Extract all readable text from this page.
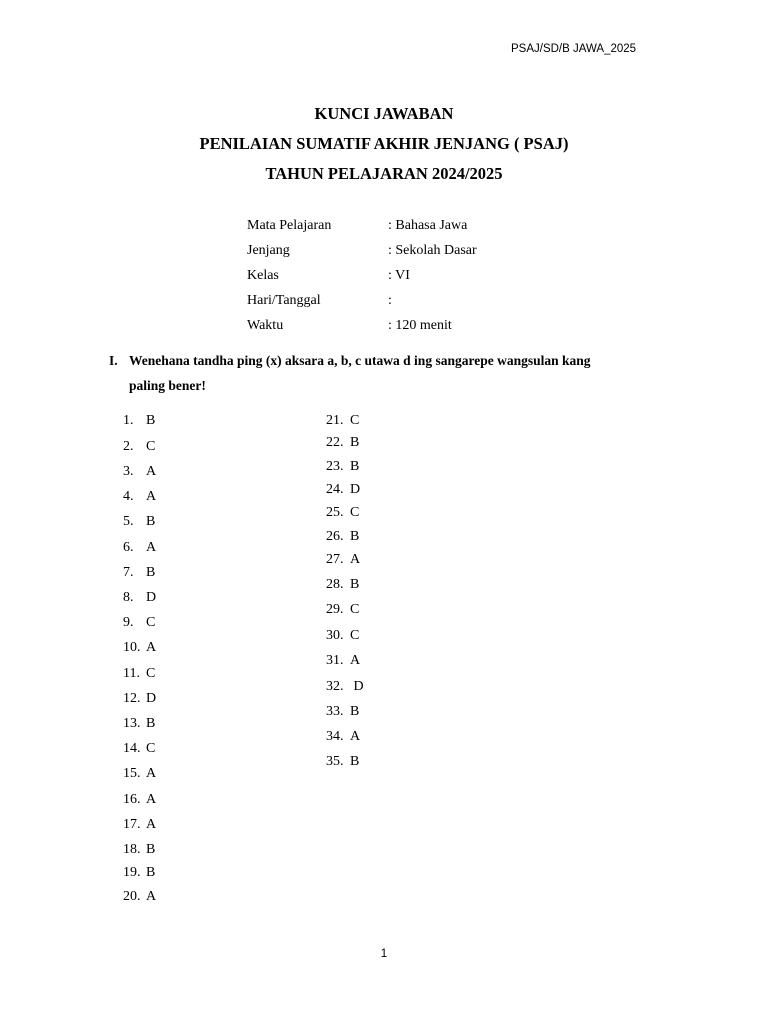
PSAJ/SD/B JAWA_2025
KUNCI JAWABAN
PENILAIAN SUMATIF AKHIR JENJANG ( PSAJ)
TAHUN PELAJARAN 2024/2025
Mata Pelajaran	: Bahasa Jawa
Jenjang	: Sekolah Dasar
Kelas	: VI
Hari/Tanggal	:
Waktu	: 120 menit
I. Wenehana tandha ping (x) aksara a, b, c utawa d ing sangarepe wangsulan kang
paling bener!
1. B
2. C
3. A
4. A
5. B
6. A
7. B
8. D
9. C
10. A
11. C
12. D
13. B
14. C
15. A
16. A
17. A
18. B
19. B
20. A
21. C
22. B
23. B
24. D
25. C
26. B
27. A
28. B
29. C
30. C
31. A
32. D
33. B
34. A
35. B
1
